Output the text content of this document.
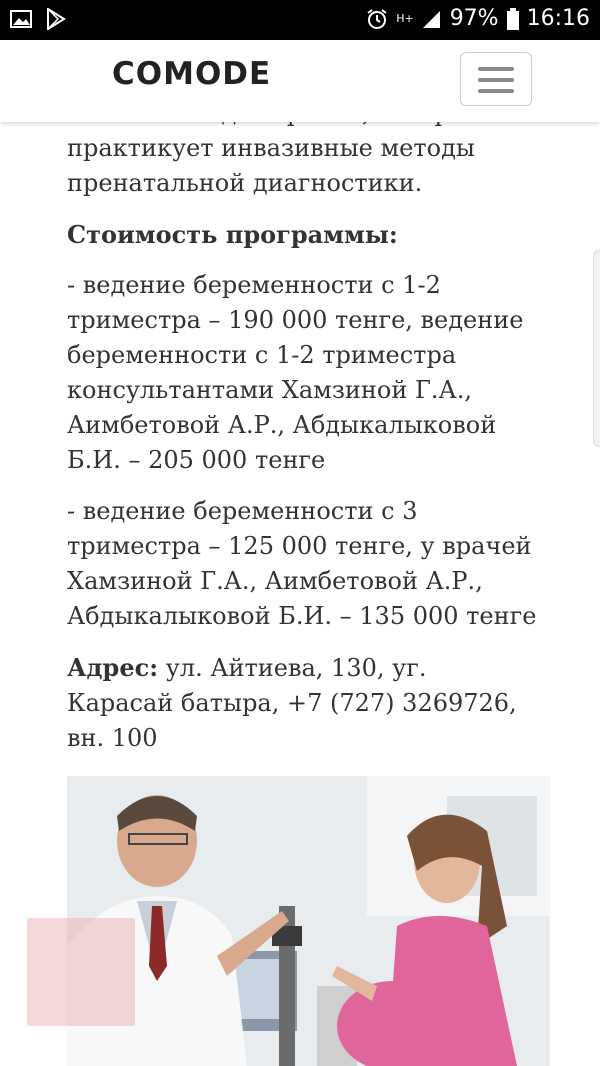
H+ 97% 16:16
COMODE

практикует инвазивные методы пренатальной диагностики.

Стоимость программы:

- ведение беременности с 1-2 триместра – 190 000 тенге, ведение беременности с 1-2 триместра консультантами Хамзиной Г.А., Аимбетовой А.Р., Абдыкалыковой Б.И. – 205 000 тенге

- ведение беременности с 3 триместра – 125 000 тенге, у врачей Хамзиной Г.А., Аимбетовой А.Р., Абдыкалыковой Б.И. – 135 000 тенге

Адрес: ул. Айтиева, 130, уг. Карасай батыра, +7 (727) 3269726, вн. 100
